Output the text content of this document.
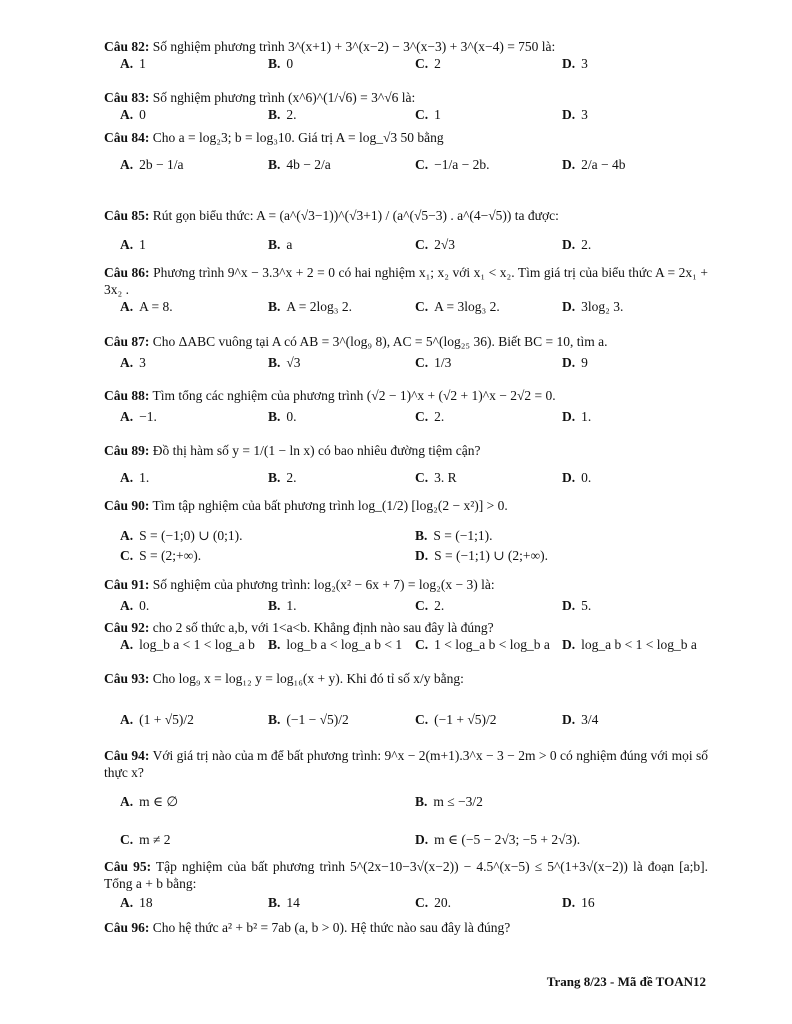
Câu 82: Số nghiệm phương trình 3^(x+1) + 3^(x−2) − 3^(x−3) + 3^(x−4) = 750 là:
A. 1	B. 0	C. 2	D. 3
Câu 83: Số nghiệm phương trình (x^6)^(1/√6) = 3^√6 là:
A. 0	B. 2.	C. 1	D. 3
Câu 84: Cho a = log₂3; b = log₃10. Giá trị A = log_√3 50 bằng
A. 2b − 1/a	B. 4b − 2/a	C. −1/a − 2b.	D. 2/a − 4b
Câu 85: Rút gọn biểu thức: A = (a^(√3−1))^(√3+1) / (a^(√5−3) . a^(4−√5)) ta được:
A. 1	B. a	C. 2√3	D. 2.
Câu 86: Phương trình 9^x − 3.3^x + 2 = 0 có hai nghiệm x₁; x₂ với x₁ < x₂. Tìm giá trị của biểu thức A = 2x₁ + 3x₂ .
A. A = 8.	B. A = 2log₃ 2.	C. A = 3log₃ 2.	D. 3log₂ 3.
Câu 87: Cho ΔABC vuông tại A có AB = 3^(log₉ 8), AC = 5^(log₂₅ 36). Biết BC = 10, tìm a.
A. 3	B. √3	C. 1/3	D. 9
Câu 88: Tìm tổng các nghiệm của phương trình (√2 − 1)^x + (√2 + 1)^x − 2√2 = 0.
A. −1.	B. 0.	C. 2.	D. 1.
Câu 89: Đồ thị hàm số y = 1/(1 − ln x) có bao nhiêu đường tiệm cận?
A. 1.	B. 2.	C. 3. R	D. 0.
Câu 90: Tìm tập nghiệm của bất phương trình log_(1/2) [log₂(2 − x²)] > 0.
A. S = (−1;0) ∪ (0;1).	B. S = (−1;1).
C. S = (2;+∞).	D. S = (−1;1) ∪ (2;+∞).
Câu 91: Số nghiệm của phương trình: log₂(x² − 6x + 7) = log₂(x − 3) là:
A. 0.	B. 1.	C. 2.	D. 5.
Câu 92: cho 2 số thức a,b, với 1<a<b. Khẳng định nào sau đây là đúng?
A. log_b a < 1 < log_a b B. log_b a < log_a b < 1 C. 1 < log_a b < log_b a D. log_a b < 1 < log_b a
Câu 93: Cho log₉ x = log₁₂ y = log₁₆(x + y). Khi đó tỉ số x/y bằng:
A. (1 + √5)/2	B. (−1 − √5)/2	C. (−1 + √5)/2	D. 3/4
Câu 94: Với giá trị nào của m để bất phương trình: 9^x − 2(m+1).3^x − 3 − 2m > 0 có nghiệm đúng với mọi số thực x?
A. m ∈ ∅	B. m ≤ −3/2
C. m ≠ 2	D. m ∈ (−5 − 2√3; −5 + 2√3).
Câu 95: Tập nghiệm của bất phương trình 5^(2x−10−3√(x−2)) − 4.5^(x−5) ≤ 5^(1+3√(x−2)) là đoạn [a;b]. Tổng a + b bằng:
A. 18	B. 14	C. 20.	D. 16
Câu 96: Cho hệ thức a² + b² = 7ab (a, b > 0). Hệ thức nào sau đây là đúng?
Trang 8/23 - Mã đề TOAN12
